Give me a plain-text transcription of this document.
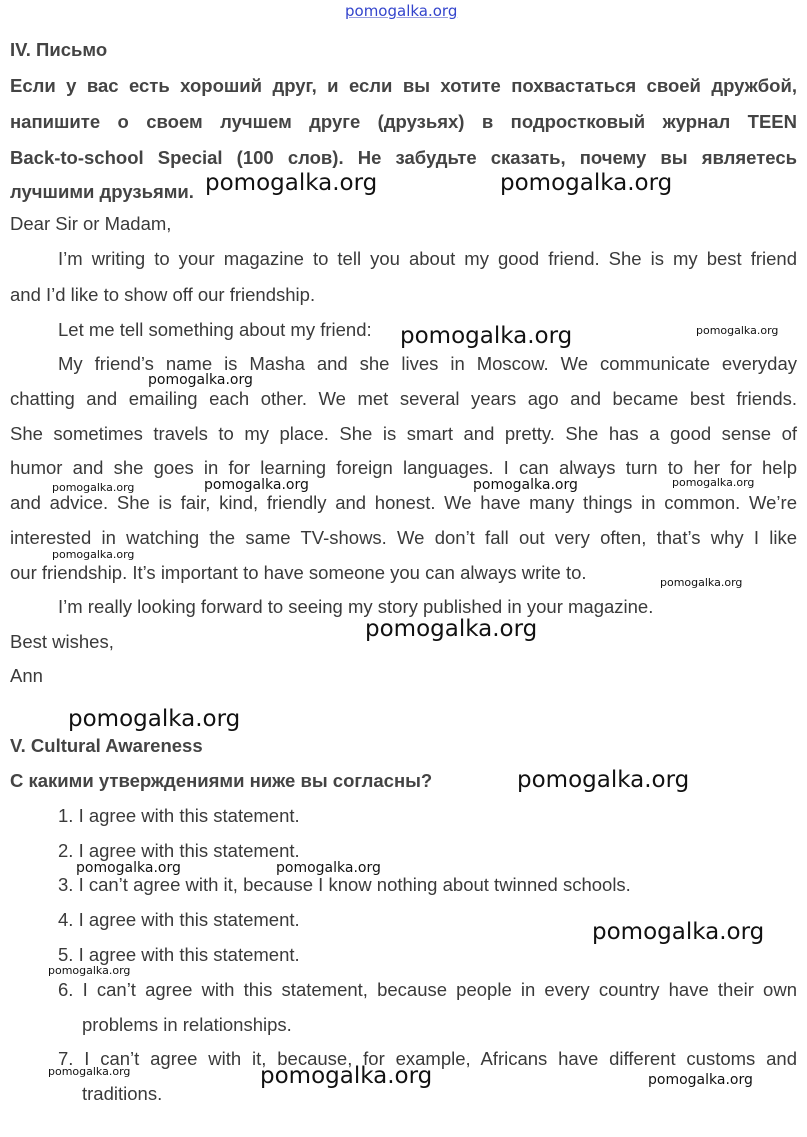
pomogalka.org
IV. Письмо
Если у вас есть хороший друг, и если вы хотите похвастаться своей дружбой,
напишите о своем лучшем друге (друзьях) в подростковый журнал TEEN
Back-to-school Special (100 слов). Не забудьте сказать, почему вы являетесь
лучшими друзьями.
Dear Sir or Madam,
I’m writing to your magazine to tell you about my good friend. She is my best friend
and I’d like to show off our friendship.
Let me tell something about my friend:
My friend’s name is Masha and she lives in Moscow. We communicate everyday
chatting and emailing each other. We met several years ago and became best friends.
She sometimes travels to my place. She is smart and pretty. She has a good sense of
humor and she goes in for learning foreign languages. I can always turn to her for help
and advice. She is fair, kind, friendly and honest. We have many things in common. We’re
interested in watching the same TV-shows. We don’t fall out very often, that’s why I like
our friendship. It’s important to have someone you can always write to.
I’m really looking forward to seeing my story published in your magazine.
Best wishes,
Ann
V. Cultural Awareness
С какими утверждениями ниже вы согласны?
1. I agree with this statement.
2. I agree with this statement.
3. I can’t agree with it, because I know nothing about twinned schools.
4. I agree with this statement.
5. I agree with this statement.
6. I can’t agree with this statement, because people in every country have their own
problems in relationships.
7. I can’t agree with it, because, for example, Africans have different customs and
traditions.
pomogalka.org	pomogalka.org
pomogalka.org	pomogalka.org
pomogalka.org
pomogalka.org	pomogalka.org	pomogalka.org	pomogalka.org
pomogalka.org
pomogalka.org
pomogalka.org
pomogalka.org
pomogalka.org
pomogalka.org	pomogalka.org
pomogalka.org
pomogalka.org
pomogalka.org
pomogalka.org
pomogalka.org
